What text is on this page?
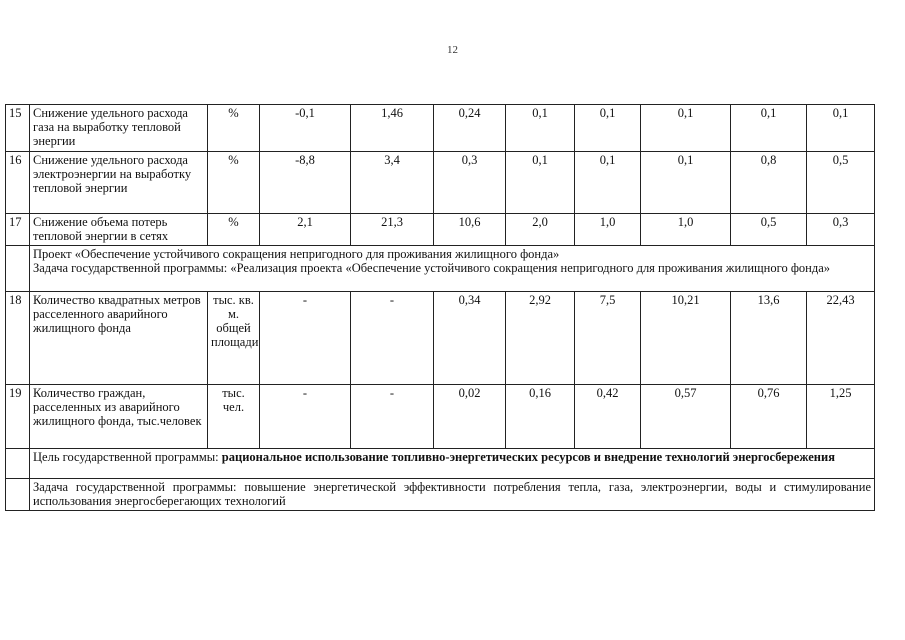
12
15	Снижение удельного расхода газа на выработку тепловой энергии	%	-0,1	1,46	0,24	0,1	0,1	0,1	0,1	0,1
16	Снижение удельного расхода электроэнергии на выработку тепловой энергии	%	-8,8	3,4	0,3	0,1	0,1	0,1	0,8	0,5
17	Снижение объема потерь тепловой энергии в сетях	%	2,1	21,3	10,6	2,0	1,0	1,0	0,5	0,3

	Проект «Обеспечение устойчивого сокращения непригодного для проживания жилищного фонда»
Задача государственной программы: «Реализация проекта «Обеспечение устойчивого сокращения непригодного для проживания жилищного фонда»									

18	Количество квадратных метров расселенного аварийного жилищного фонда	тыс. кв. м. общей площади	-	-	0,34	2,92	7,5	10,21	13,6	22,43
19	Количество граждан, расселенных из аварийного жилищного фонда, тыс.человек	тыс. чел.	-	-	0,02	0,16	0,42	0,57	0,76	1,25
	Цель государственной программы: рациональное использование топливно-энергетических ресурсов и внедрение технологий энергосбережения									
	Задача государственной программы: повышение энергетической эффективности потребления тепла, газа, электроэнергии, воды и стимулирование использования энергосберегающих технологий									
